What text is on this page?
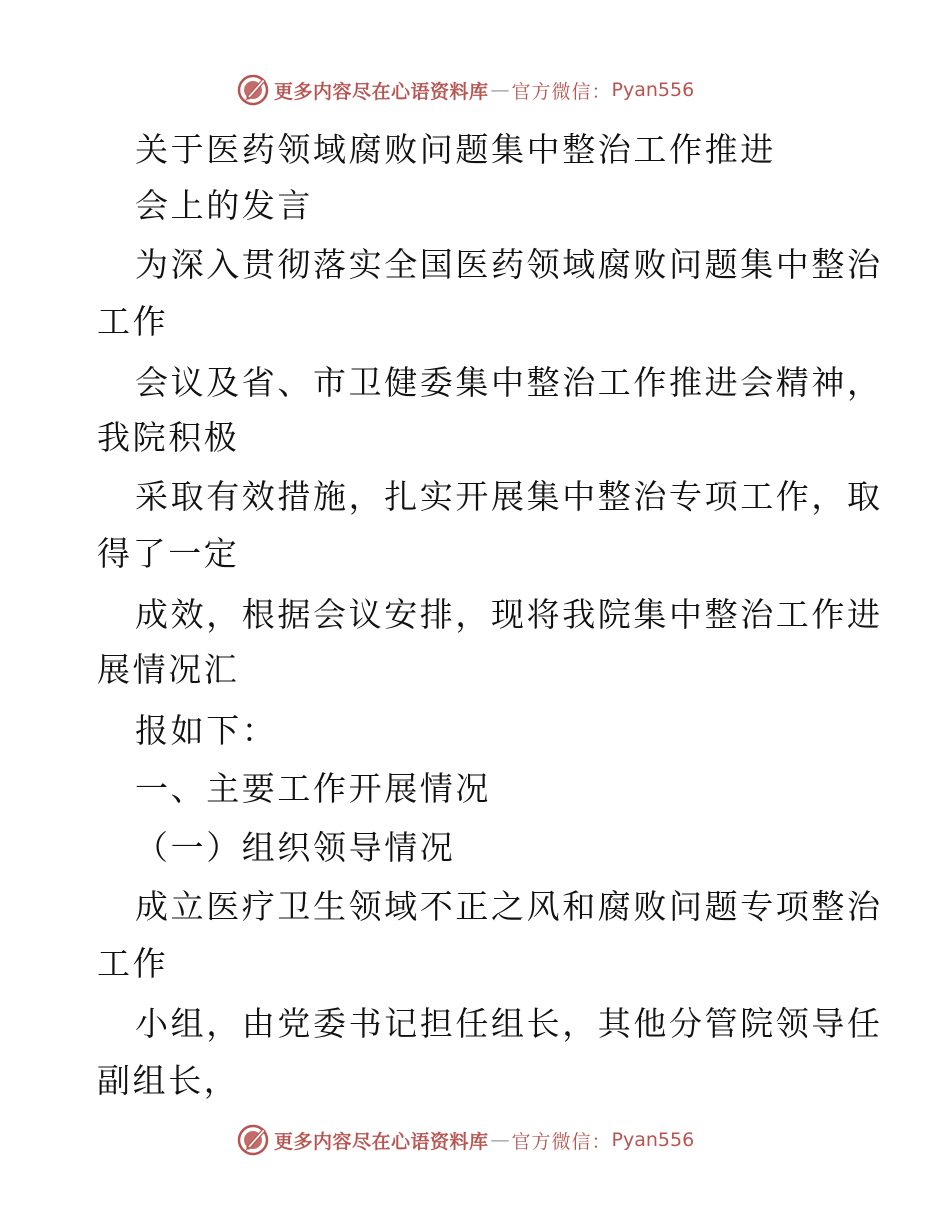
更多内容尽在心语资料库 — 官方微信： Pyan556
关于医药领域腐败问题集中整治工作推进
会上的发言
为深入贯彻落实全国医药领域腐败问题集中整治
工作
会议及省、市卫健委集中整治工作推进会精神，
我院积极
采取有效措施，扎实开展集中整治专项工作，取
得了一定
成效，根据会议安排，现将我院集中整治工作进
展情况汇
报如下：
一、主要工作开展情况
（一）组织领导情况
成立医疗卫生领域不正之风和腐败问题专项整治
工作
小组，由党委书记担任组长，其他分管院领导任
副组长，
更多内容尽在心语资料库 — 官方微信： Pyan556
